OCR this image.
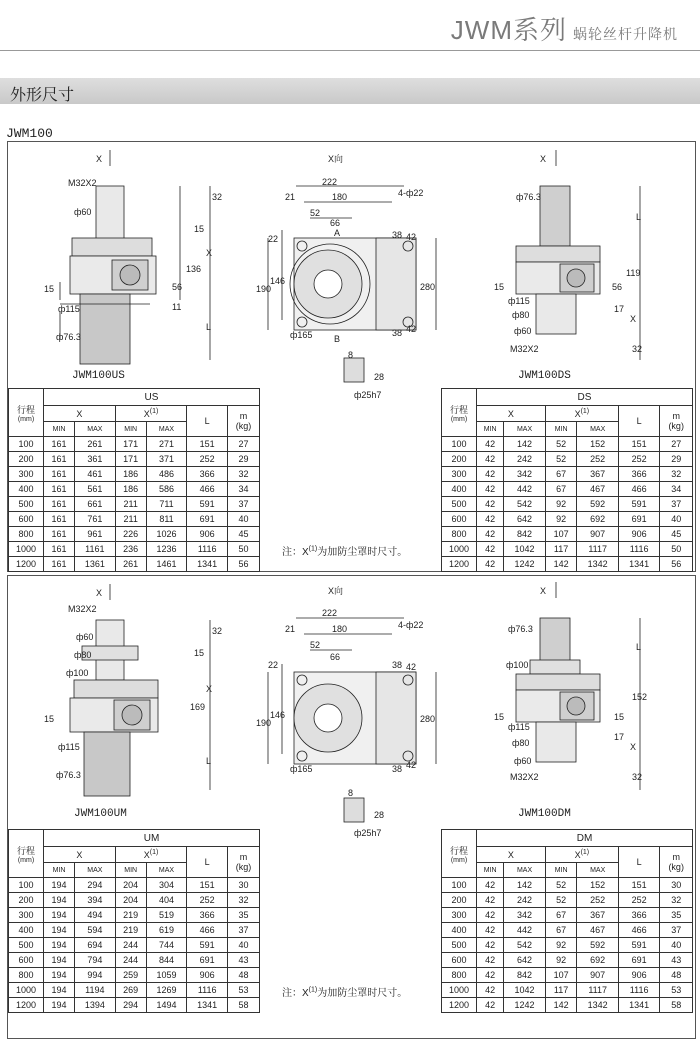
JWM系列 蜗轮丝杆升降机
外形尺寸
JWM100
X
M32X2
ф60
ф115
ф76.3
32
15
X
136
56
11
L
15
JWM100US
X向
222
21	180
52
66
4-ф22
A
B
22
190
146
280
38 42
38 42
ф165
8
28
ф25h7
X
ф76.3
ф115
ф80
ф60
M32X2
L
119
56
17
X
32
15
JWM100DS
X
M32X2
ф60
ф80
ф100
ф115
ф76.3
32
15
X
169
L
15
JWM100UM
X向
222
21	180
52
66
4-ф22
22
190
146	280
38 42
38 42
ф165
8
28
ф25h7
X
ф76.3
ф100
ф115
ф80
ф60
M32X2
L
152
15
17
X
32
15
JWM100DM
注：$X^{(1)}$为加防尘罩时尺寸。
注：$X^{(1)}$为加防尘罩时尺寸。
行程
(mm)	US					
	X		$X^{(1)}$		L	m
(kg)

	MIN	MAX	MIN	MAX		
100	161	261	171	271	151	27
200	161	361	171	371	252	29
300	161	461	186	486	366	32
400	161	561	186	586	466	34
500	161	661	211	711	591	37
600	161	761	211	811	691	40
800	161	961	226	1026	906	45
1000	161	1161	236	1236	1116	50
1200	161	1361	261	1461	1341	56
行程
(mm)	DS					
	X		$X^{(1)}$		L	m
(kg)

	MIN	MAX	MIN	MAX		
100	42	142	52	152	151	27
200	42	242	52	252	252	29
300	42	342	67	367	366	32
400	42	442	67	467	466	34
500	42	542	92	592	591	37
600	42	642	92	692	691	40
800	42	842	107	907	906	45
1000	42	1042	117	1117	1116	50
1200	42	1242	142	1342	1341	56
行程
(mm)	UM					
	X		$X^{(1)}$		L	m
(kg)

	MIN	MAX	MIN	MAX		
100	194	294	204	304	151	30
200	194	394	204	404	252	32
300	194	494	219	519	366	35
400	194	594	219	619	466	37
500	194	694	244	744	591	40
600	194	794	244	844	691	43
800	194	994	259	1059	906	48
1000	194	1194	269	1269	1116	53
1200	194	1394	294	1494	1341	58
行程
(mm)	DM					
	X		$X^{(1)}$		L	m
(kg)

	MIN	MAX	MIN	MAX		
100	42	142	52	152	151	30
200	42	242	52	252	252	32
300	42	342	67	367	366	35
400	42	442	67	467	466	37
500	42	542	92	592	591	40
600	42	642	92	692	691	43
800	42	842	107	907	906	48
1000	42	1042	117	1117	1116	53
1200	42	1242	142	1342	1341	58
